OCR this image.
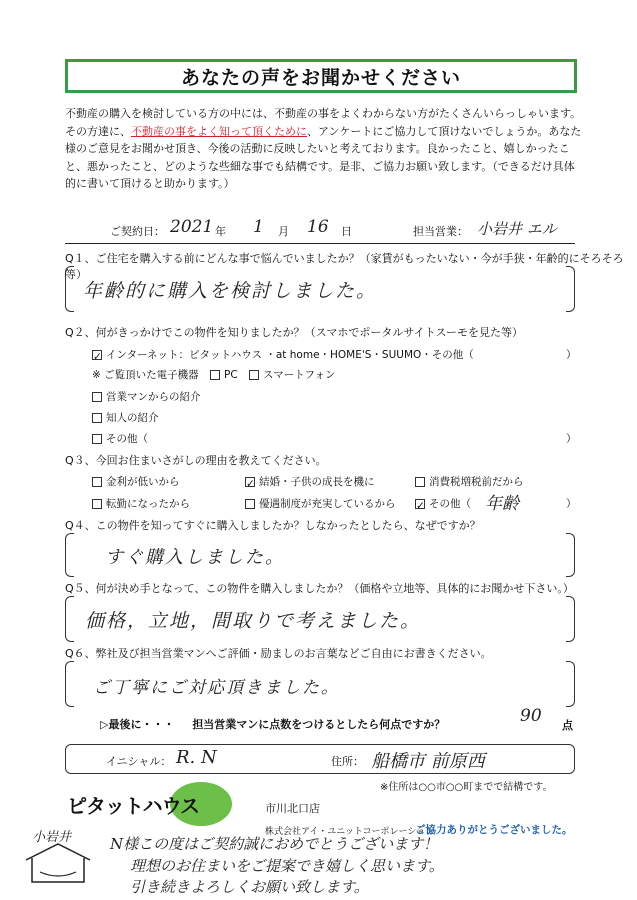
あなたの声をお聞かせください
不動産の購入を検討している方の中には、不動産の事をよくわからない方がたくさんいらっしゃいます。
その方達に、不動産の事をよく知って頂くために、アンケートにご協力して頂けないでしょうか。あなた
様のご意見をお聞かせ頂き、今後の活動に反映したいと考えております。良かったこと、嬉しかったこ
と、悪かったこと、どのような些細な事でも結構です。是非、ご協力お願い致します。（できるだけ具体
的に書いて頂けると助かります。）
ご契約日： 2021 年 1 月 16 日	担当営業： 小岩井 エル
Q１、ご住宅を購入する前にどんな事で悩んでいましたか？（家賃がもったいない・今が手狭・年齢的にそろそろ等）
年齢的に購入を検討しました。
Q２、何がきっかけでこの物件を知りましたか？（スマホでポータルサイトスーモを見た等）
✓ インターネット：ピタットハウス ・at home・HOME'S・SUUMO・その他（	）
※ ご覧頂いた電子機器 PC スマートフォン
営業マンからの紹介
知人の紹介
その他（	）
Q３、今回お住まいさがしの理由を教えてください。
金利が低いから	✓ 結婚・子供の成長を機に	消費税増税前だから
転勤になったから	優遇制度が充実しているから ✓ その他（ 年齢	）
Q４、この物件を知ってすぐに購入しましたか？しなかったとしたら、なぜですか？
すぐ購入しました。
Q５、何が決め手となって、この物件を購入しましたか？（価格や立地等、具体的にお聞かせ下さい。）
価格，立地，間取りで考えました。
Q６、弊社及び担当営業マンへご評価・励ましのお言葉などご自由にお書きください。
ご丁寧にご対応頂きました。
▷最後に・・・ 担当営業マンに点数をつけるとしたら何点ですか？	90 点
イニシャル： R. N	住所： 船橋市 前原西
※住所は○○市○○町までで結構です。
ピタットハウス	市川北口店
株式会社アイ・ユニットコーポレーション
ご協力ありがとうございました。
小岩井	N様この度はご契約誠におめでとうございます！
理想のお住まいをご提案でき嬉しく思います。
引き続きよろしくお願い致します。
